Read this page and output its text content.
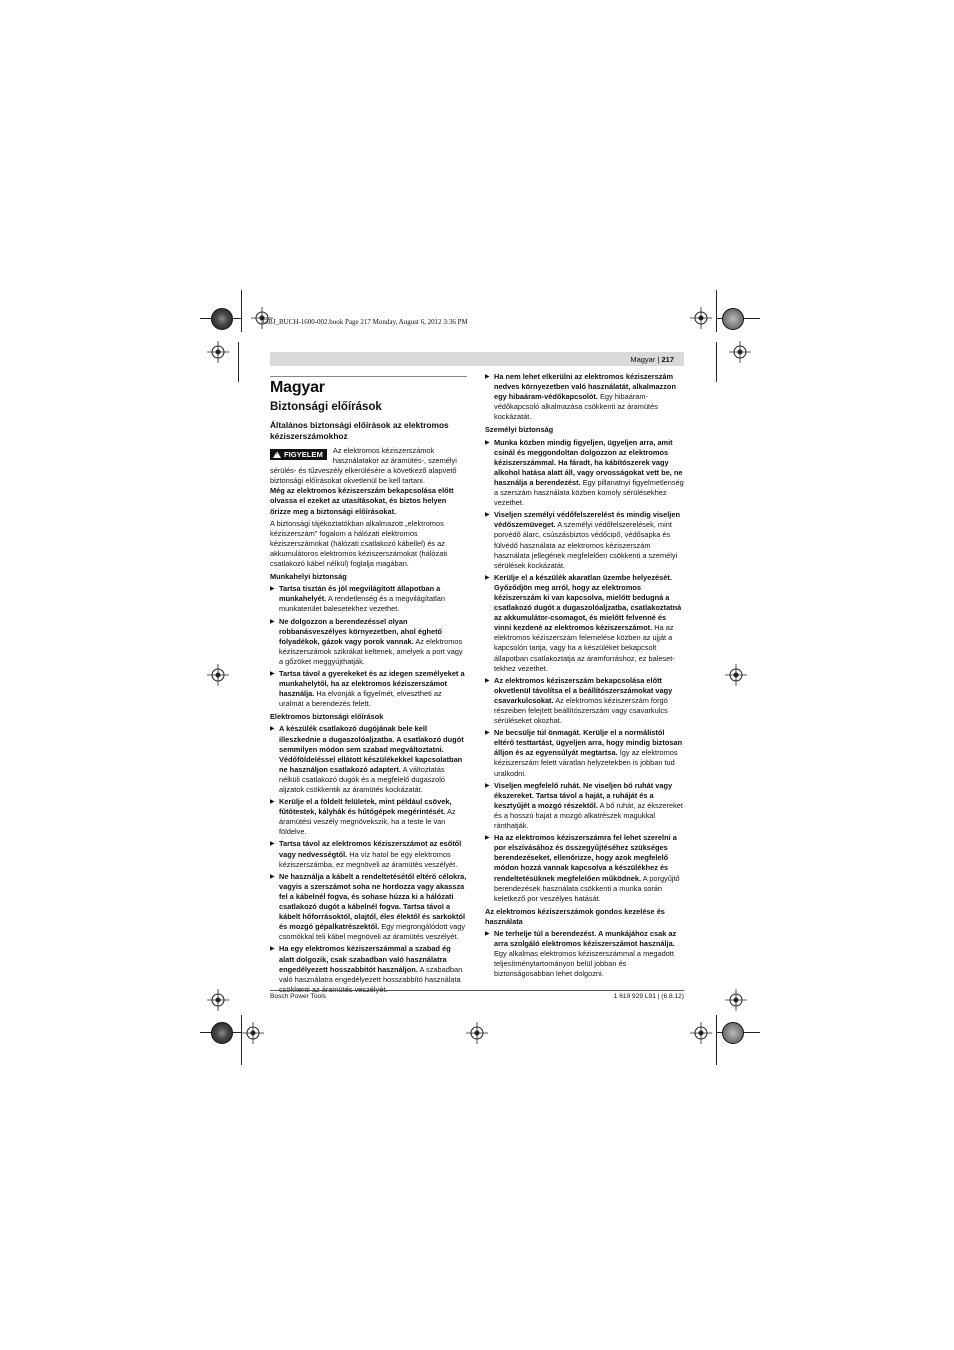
OBJ_BUCH-1600-002.book Page 217 Monday, August 6, 2012 3:36 PM
Magyar | 217
Magyar
Biztonsági előírások
Általános biztonsági előírások az elektromos kéziszerszámokhoz
!FIGYELEM	Az elektromos kéziszerszámok használatakor az áramütés-, személyi sérülés- és tűzveszély elkerülésére a következő alapvető biztonsági előírásokat okvetlenül be kell tartani.

Még az elektromos kéziszerszám bekapcsolása előtt olvassa el ezeket az utasításokat, és biztos helyen őrizze meg a biztonsági előírásokat.

A biztonsági tájékoztatókban alkalmazott „elektromos kéziszerszám" fogalom a hálózati elektromos kéziszerszámokat (hálózati csatlakozó kábellel) és az akkumulátoros elektromos kéziszerszámokat (hálózati csatlakozó kábel nélkül) foglalja magában.

Munkahelyi biztonság
▶ Tartsa tisztán és jól megvilágított állapotban a munkahelyét. A rendetlenség és a megvilágítatlan munkaterület balesetekhez vezethet.
▶ Ne dolgozzon a berendezéssel olyan robbanásveszélyes környezetben, ahol éghető folyadékok, gázok vagy porok vannak. Az elektromos kéziszerszámok szikrákat keltenek, amelyek a port vagy a gőzöket meggyújthatják.
▶ Tartsa távol a gyerekeket és az idegen személyeket a munkahelytől, ha az elektromos kéziszerszámot használja. Ha elvonják a figyelmét, elvesztheti az uralmát a berendezés felett.
Elektromos biztonsági előírások
▶ A készülék csatlakozó dugójának bele kell illeszkednie a dugaszolóaljzatba. A csatlakozó dugót semmilyen módon sem szabad megváltoztatni. Védőföldeléssel ellátott készülékekkel kapcsolatban ne használjon csatlakozó adaptert. A változtatás nélküli csatlakozó dugók és a megfelelő dugaszoló aljzatok csökkentik az áramütés kockázatát.
▶ Kerülje el a földelt felületek, mint például csövek, fűtőtestek, kályhák és hűtőgépek megérintését. Az áramütési veszély megnövekszik, ha a teste le van földelve.
▶ Tartsa távol az elektromos kéziszerszámot az esőtől vagy nedvességtől. Ha víz hatol be egy elektromos kéziszerszámba, ez megnöveli az áramütés veszélyét.
▶ Ne használja a kábelt a rendeltetésétől eltérő célokra, vagyis a szerszámot soha ne hordozza vagy akassza fel a kábelnél fogva, és sohase húzza ki a hálózati csatlakozó dugót a kábelnél fogva. Tartsa távol a kábelt hőforrásoktól, olajtól, éles élektől és sarkoktól és mozgó gépalkatrészektől. Egy megrongálódott vagy csomókkal teli kábel megnöveli az áramütés veszélyét.
▶ Ha egy elektromos kéziszerszámmal a szabad ég alatt dolgozik, csak szabadban való használatra engedélyezett hosszabbítót használjon. A szabadban való használatra engedélyezett hosszabbító használata
▶ Ha nem lehet elkerülni az elektromos kéziszerszám nedves környezetben való használatát, alkalmazzon egy hibaáram-védőkapcsolót. Egy hibaáram-védőkapcsoló alkalmazása csökkenti az áramütés kockázatát.
Személyi biztonság
▶ Munka közben mindig figyeljen, ügyeljen arra, amit csinál és meggondoltan dolgozzon az elektromos kéziszerszámmal. Ha fáradt, ha kábítószerek vagy alkohol hatása alatt áll, vagy orvosságokat vett be, ne használja a berendezést. Egy pillanatnyi figyelmetlenség a szerszám használata közben komoly sérülésekhez vezethet.
▶ Viseljen személyi védőfelszerelést és mindig viseljen védőszemüveget. A személyi védőfelszerelések, mint porvédő álarc, csúszásbiztos védőcipő, védősapka és fülvédő használata az elektromos kéziszerszám használata jellegének megfelelően csökkenti a személyi sérülések kockázatát.
▶ Kerülje el a készülék akaratlan üzembe helyezését. Győződjön meg arról, hogy az elektromos kéziszerszám ki van kapcsolva, mielőtt bedugná a csatlakozó dugót a dugaszolóaljzatba, csatlakoztatná az akkumulátor-csomagot, és mielőtt felvenné és vinni kezdené az elektromos kéziszerszámot. Ha az elektromos kéziszerszám felemelése közben az ujját a kapcsolón tartja, vagy ha a készüléket bekapcsolt állapotban csatlakoztatja az áramforráshoz, ez baleset-tekhez vezethet.
▶ Az elektromos kéziszerszám bekapcsolása előtt okvetlenül távolítsa el a beállítószerszámokat vagy csavarkulcsokat. Az elektromos kéziszerszám forgó részeiben felejtett beállítószerszám vagy csavarkulcs sérüléseket okozhat.
▶ Ne becsülje túl önmagát. Kerülje el a normálistól eltérő testtartást, ügyeljen arra, hogy mindig biztosan álljon és az egyensúlyát megtartsa. Így az elektromos kéziszerszám felett váratlan helyzetekben is jobban tud uralkodni.
▶ Viseljen megfelelő ruhát. Ne viseljen bő ruhát vagy ékszereket. Tartsa távol a haját, a ruháját és a kesztyűjét a mozgó részektől. A bő ruhát, az ékszereket és a hosszú hajat a mozgó alkatrészek magukkal ránthatják.
▶ Ha az elektromos kéziszerszámra fel lehet szerelni a por elszívásához és összegyűjtéséhez szükséges berendezéseket, ellenőrizze, hogy azok megfelelő módon hozzá vannak kapcsolva a készülékhez és rendeltetésüknek megfelelően működnek. A porgyűjtő berendezések használata csökkenti a munka során keletkező por veszélyes hatását.
Az elektromos kéziszerszámok gondos kezelése és használata
▶ Ne terhelje túl a berendezést. A munkájához csak az arra szolgáló elektromos kéziszerszámot használja. Egy alkalmas elektromos kéziszerszámmal a megadott teljesítménytartományon belül jobban és biztonságosabban lehet dolgozni.
Bosch Power Tools	1 619 929 L91 | (6.8.12)
